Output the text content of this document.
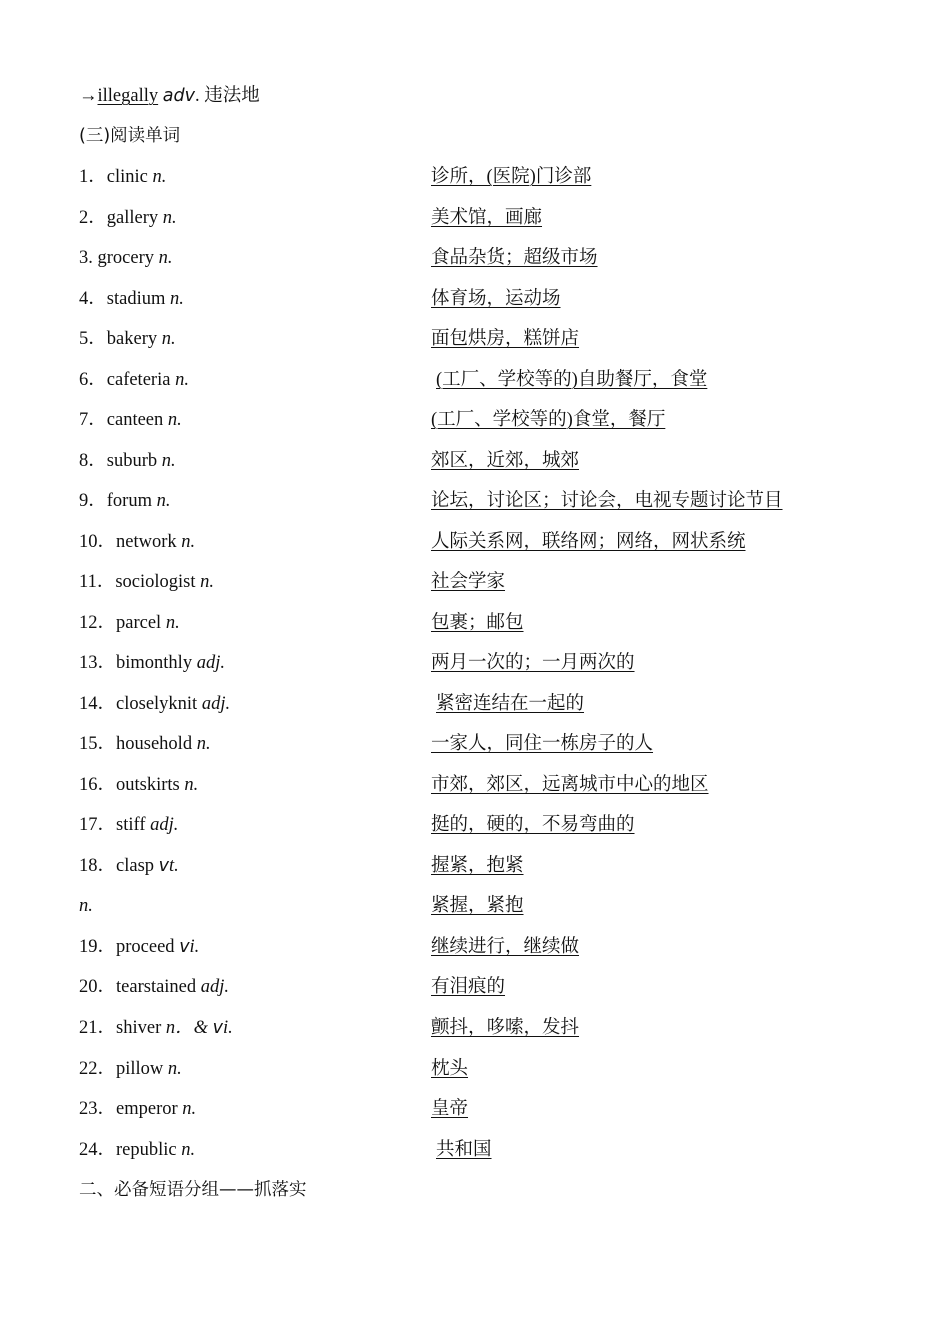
→illegally adv. 违法地
(三)阅读单词
1．clinic n.	诊所，(医院)门诊部
2．gallery n.	美术馆，画廊
3. grocery n.	食品杂货；超级市场
4．stadium n.	体育场，运动场
5．bakery n.	面包烘房，糕饼店
6．cafeteria n.	(工厂、学校等的)自助餐厅，食堂
7．canteen n.	(工厂、学校等的)食堂，餐厅
8．suburb n.	郊区，近郊，城郊
9．forum n.	论坛，讨论区；讨论会，电视专题讨论节目
10．network n.	人际关系网，联络网；网络，网状系统
11．sociologist n.	社会学家
12．parcel n.	包裹；邮包
13．bimonthly adj.	两月一次的；一月两次的
14．closelyknit adj.	紧密连结在一起的
15．household n.	一家人，同住一栋房子的人
16．outskirts n.	市郊，郊区，远离城市中心的地区
17．stiff adj.	挺的，硬的，不易弯曲的
18．clasp vt.	握紧，抱紧
n.	紧握，紧抱
19．proceed vi.	继续进行，继续做
20．tearstained adj.	有泪痕的
21．shiver n．& vi.	颤抖，哆嗦，发抖
22．pillow n.	枕头
23．emperor n.	皇帝
24．republic n.	共和国
二、必备短语分组——抓落实
